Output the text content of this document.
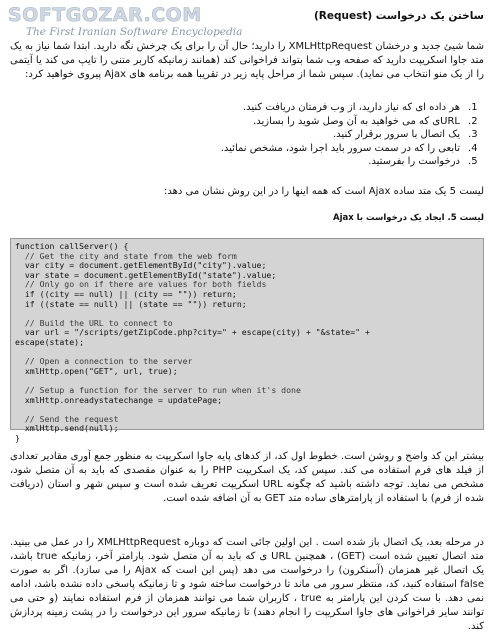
SOFTGOZAR.COM
The First Iranian Software Encyclopedia
ساختن یک درخواست (Request)

شما شیئ جدید و درخشان XMLHttpRequest را دارید؛ حال آن را برای یک چرخش نگه دارید. ابتدا شما نیاز به یک متد جاوا اسکریپت دارید که صفحه وب شما بتواند فراخوانی کند (همانند زمانیکه کاربر متنی را تایپ می کند یا آیتمی را از یک منو انتخاب می نماید). سپس شما از مراحل پایه زیر در تقریبا همه برنامه های Ajax پیروی خواهید کرد:

1.
هر داده ای که نیاز دارید، از وب فرمتان دریافت کنید.
2.
URLی که می خواهید به آن وصل شوید را بسازید.
3.
یک اتصال با سرور برقرار کنید.
4.
تابعی را که در سمت سرور باید اجرا شود، مشخص نمائید.
5.
درخواست را بفرستید.

لیست 5 یک متد ساده Ajax است که همه اینها را در این روش نشان می دهد:

لیست 5. ایجاد یک درخواست با Ajax
function callServer() {
// Get the city and state from the web form
var city = document.getElementById("city").value;
var state = document.getElementById("state").value;
// Only go on if there are values for both fields
if ((city == null) || (city == "")) return;
if ((state == null) || (state == "")) return;

// Build the URL to connect to
var url = "/scripts/getZipCode.php?city=" + escape(city) + "&state=" +
escape(state);

// Open a connection to the server
xmlHttp.open("GET", url, true);

// Setup a function for the server to run when it's done
xmlHttp.onreadystatechange = updatePage;

// Send the request
xmlHttp.send(null);
}

بیشتر این کد واضح و روشن است. خطوط اول کد، از کدهای پایه جاوا اسکریپت به منظور جمع آوری مقادیر تعدادی از فیلد های فرم استفاده می کند. سپس کد، یک اسکریپت PHP را به عنوان مقصدی که باید به آن متصل شود، مشخص می نماید. توجه داشته باشید که چگونه URL اسکریپت تعریف شده است و سپس شهر و استان (دریافت شده از فرم) با استفاده از پارامترهای ساده متد GET به آن اضافه شده است.

در مرحله بعد، یک اتصال باز شده است . این اولین جائی است که دوباره XMLHttpRequest را در عمل می بینید. متد اتصال تعیین شده است (GET) ، همچنین URL ی که باید به آن متصل شود. پارامتر آخر، زمانیکه true باشد، یک اتصال غیر همزمان (آسنکرون) را درخواست می دهد (پس این است که Ajax را می سازد). اگر به صورت false استفاده کنید، کد، منتظر سرور می ماند تا درخواست ساخته شود و تا زمانیکه پاسخی داده نشده باشد، ادامه نمی دهد. با ست کردن این پارامتر به true ، کاربران شما می توانند همزمان از فرم استفاده نمایند (و حتی می توانند سایر فراخوانی های جاوا اسکریپت را انجام دهند) تا زمانیکه سرور این درخواست را در پشت زمینه پردازش کند.
